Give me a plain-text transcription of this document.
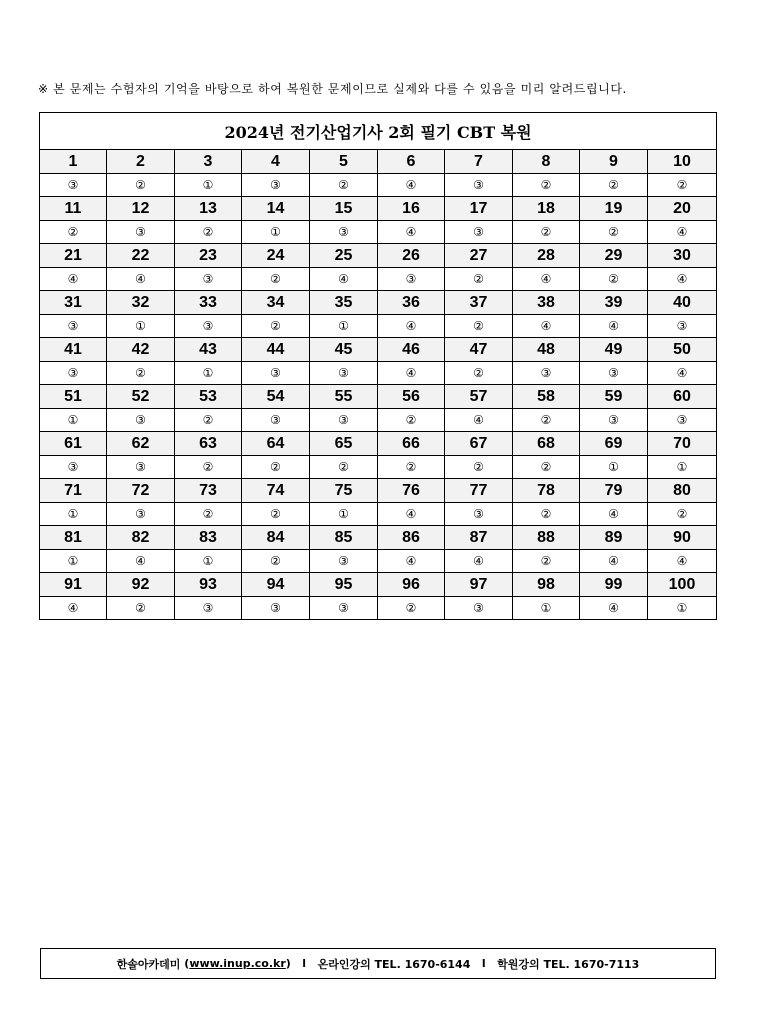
※ 본 문제는 수험자의 기억을 바탕으로 하여 복원한 문제이므로 실제와 다를 수 있음을 미리 알려드립니다.
2024년 전기산업기사 2회 필기 CBT 복원									
1	2	3	4	5	6	7	8	9	10
③	②	①	③	②	④	③	②	②	②
11	12	13	14	15	16	17	18	19	20
②	③	②	①	③	④	③	②	②	④
21	22	23	24	25	26	27	28	29	30
④	④	③	②	④	③	②	④	②	④
31	32	33	34	35	36	37	38	39	40
③	①	③	②	①	④	②	④	④	③
41	42	43	44	45	46	47	48	49	50
③	②	①	③	③	④	②	③	③	④
51	52	53	54	55	56	57	58	59	60
①	③	②	③	③	②	④	②	③	③
61	62	63	64	65	66	67	68	69	70
③	③	②	②	②	②	②	②	①	①
71	72	73	74	75	76	77	78	79	80
①	③	②	②	①	④	③	②	④	②
81	82	83	84	85	86	87	88	89	90
①	④	①	②	③	④	④	②	④	④
91	92	93	94	95	96	97	98	99	100
④	②	③	③	③	②	③	①	④	①
한솔아카데미
( www.inup.co.kr )
l
온라인강의 TEL. 1670-6144
l
학원강의 TEL. 1670-7113
